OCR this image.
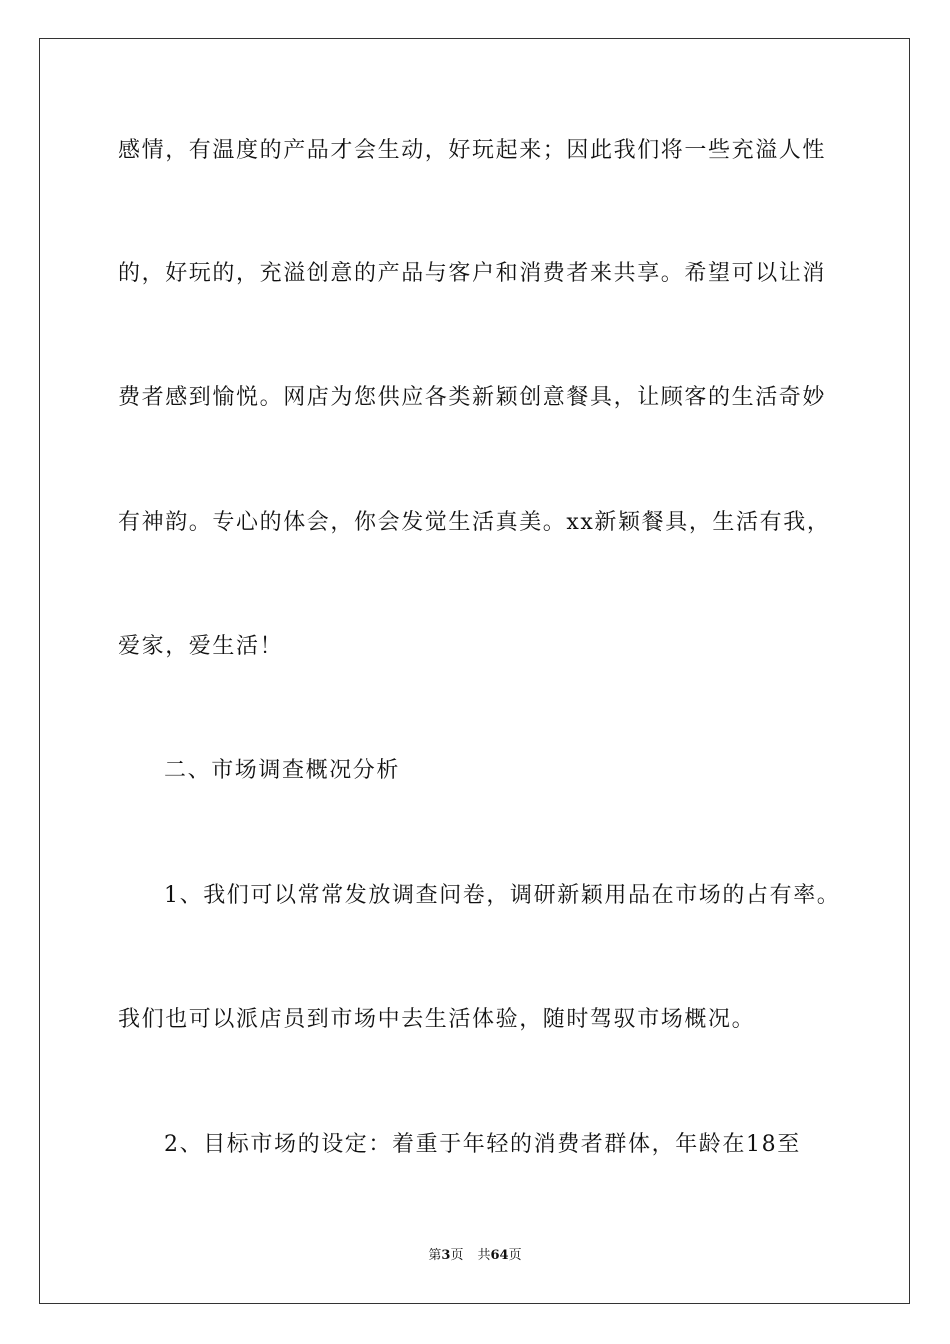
感情，有温度的产品才会生动，好玩起来；因此我们将一些充溢人性
的，好玩的，充溢创意的产品与客户和消费者来共享。希望可以让消
费者感到愉悦。网店为您供应各类新颖创意餐具，让顾客的生活奇妙
有神韵。专心的体会，你会发觉生活真美。xx新颖餐具，生活有我，
爱家，爱生活！
二、市场调查概况分析
1、我们可以常常发放调查问卷，调研新颖用品在市场的占有率。
我们也可以派店员到市场中去生活体验，随时驾驭市场概况。
2、目标市场的设定：着重于年轻的消费者群体，年龄在18至
第3页 共64页
